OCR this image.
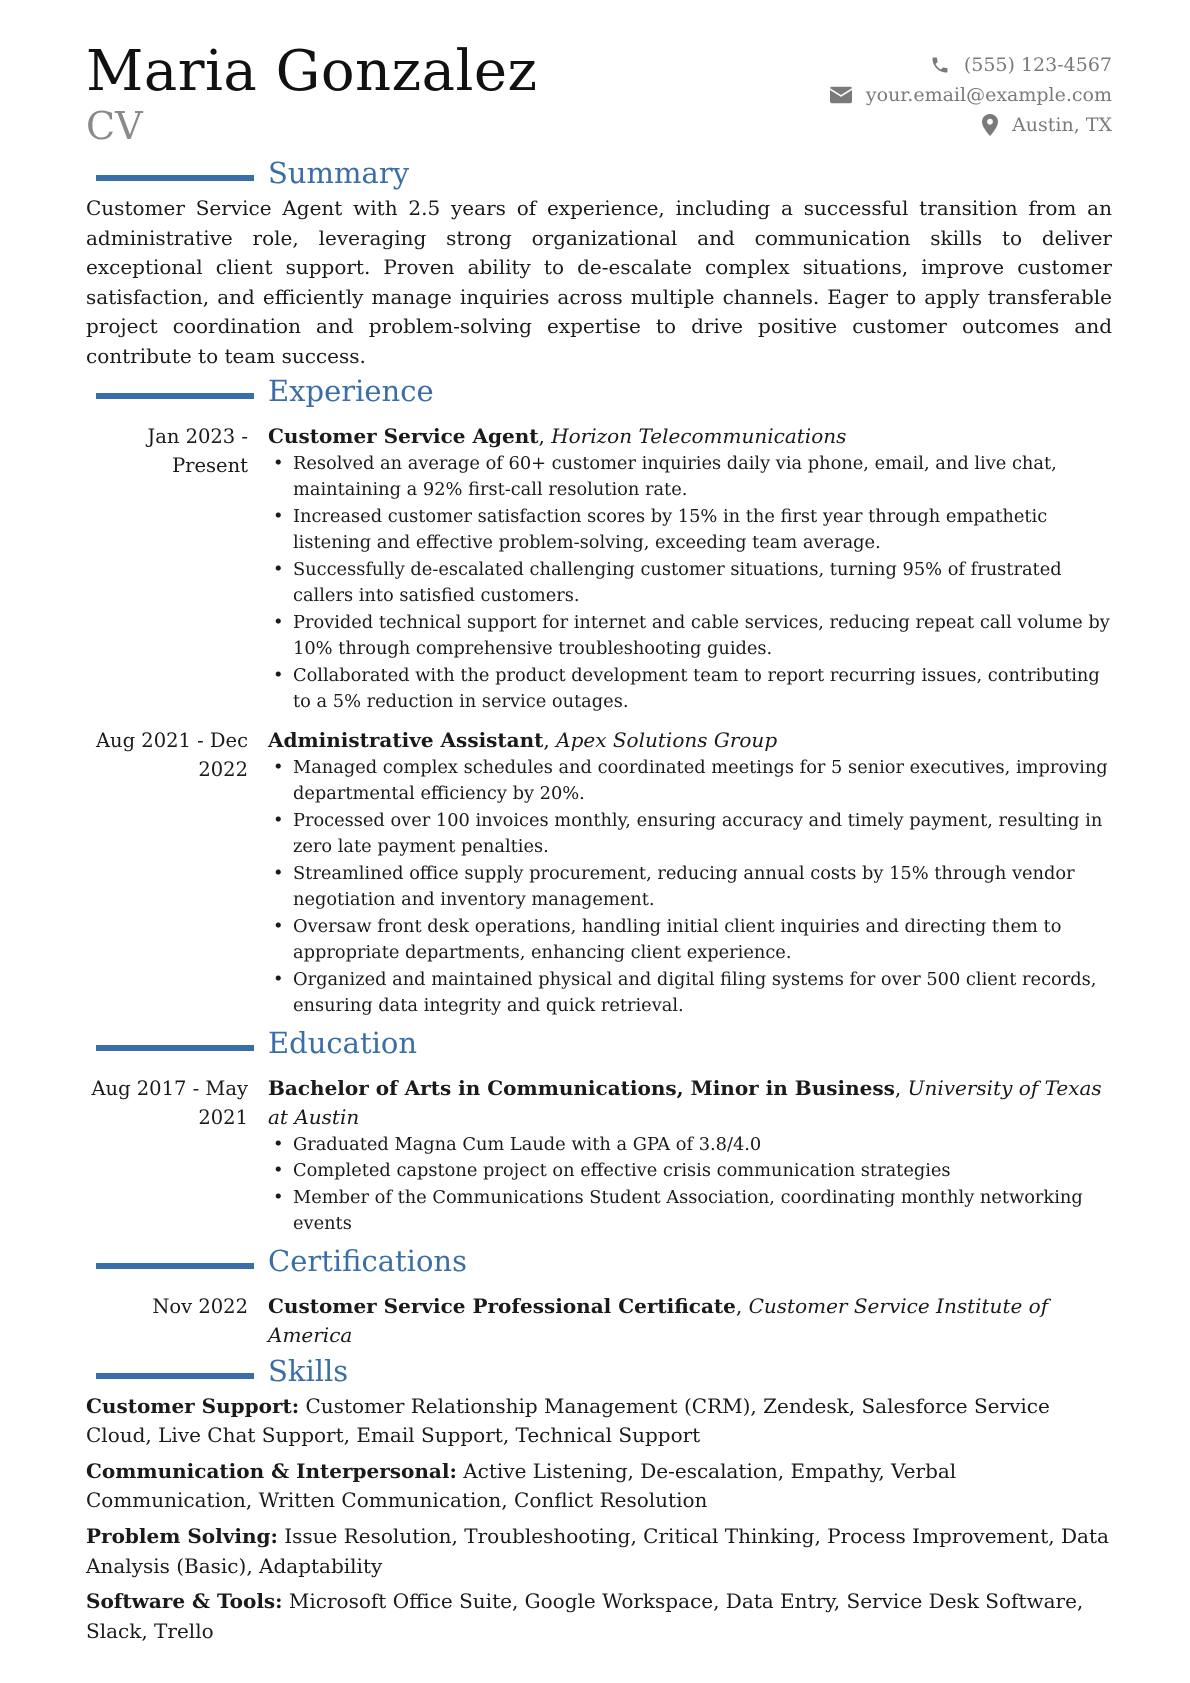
Maria Gonzalez
CV
(555) 123-4567
your.email@example.com
Austin, TX
Summary

Customer Service Agent with 2.5 years of experience, including a successful transition from an administrative role, leveraging strong organizational and communication skills to deliver exceptional client support. Proven ability to de-escalate complex situations, improve customer satisfaction, and efficiently manage inquiries across multiple channels. Eager to apply transferable project coordination and problem-solving expertise to drive positive customer outcomes and contribute to team success.

Experience
Jan 2023 - Present
Customer Service Agent, Horizon Telecommunications
• Resolved an average of 60+ customer inquiries daily via phone, email, and live chat, maintaining a 92% first-call resolution rate.
• Increased customer satisfaction scores by 15% in the first year through empathetic listening and effective problem-solving, exceeding team average.
• Successfully de-escalated challenging customer situations, turning 95% of frustrated callers into satisfied customers.
• Provided technical support for internet and cable services, reducing repeat call volume by 10% through comprehensive troubleshooting guides.
• Collaborated with the product development team to report recurring issues, contributing to a 5% reduction in service outages.
Aug 2021 - Dec 2022
Administrative Assistant, Apex Solutions Group
• Managed complex schedules and coordinated meetings for 5 senior executives, improving departmental efficiency by 20%.
• Processed over 100 invoices monthly, ensuring accuracy and timely payment, resulting in zero late payment penalties.
• Streamlined office supply procurement, reducing annual costs by 15% through vendor negotiation and inventory management.
• Oversaw front desk operations, handling initial client inquiries and directing them to appropriate departments, enhancing client experience.
• Organized and maintained physical and digital filing systems for over 500 client records, ensuring data integrity and quick retrieval.
Education
Aug 2017 - May 2021
Bachelor of Arts in Communications, Minor in Business, University of Texas at Austin
• Graduated Magna Cum Laude with a GPA of 3.8/4.0
• Completed capstone project on effective crisis communication strategies
• Member of the Communications Student Association, coordinating monthly networking events
Certifications
Nov 2022	Customer Service Professional Certificate, Customer Service Institute of America
Skills
Customer Support: Customer Relationship Management (CRM), Zendesk, Salesforce Service Cloud, Live Chat Support, Email Support, Technical Support
Communication & Interpersonal: Active Listening, De-escalation, Empathy, Verbal Communication, Written Communication, Conflict Resolution
Problem Solving: Issue Resolution, Troubleshooting, Critical Thinking, Process Improvement, Data Analysis (Basic), Adaptability
Software & Tools: Microsoft Office Suite, Google Workspace, Data Entry, Service Desk Software, Slack, Trello
